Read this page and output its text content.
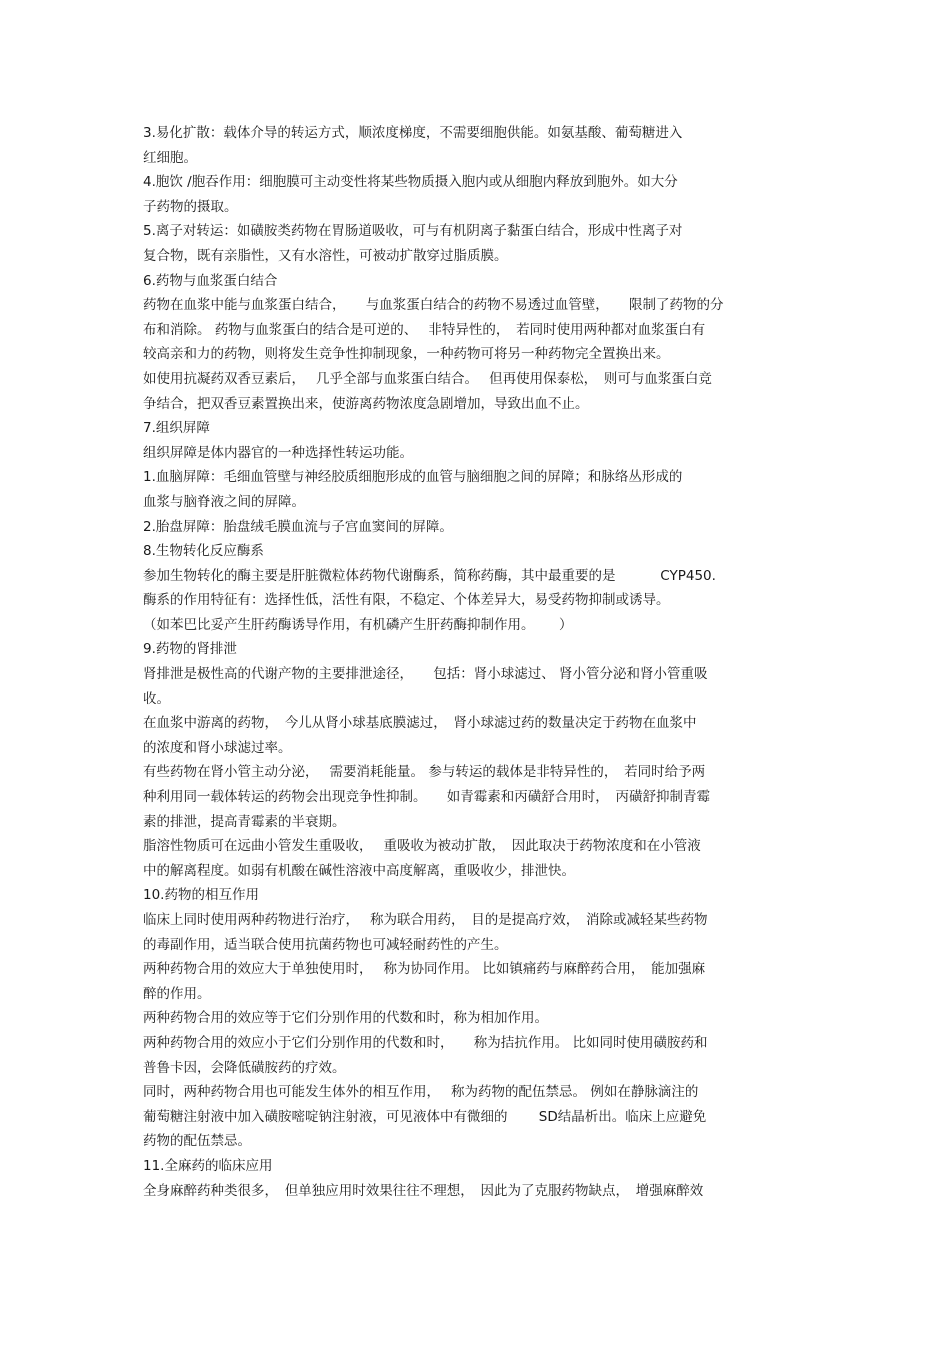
3.易化扩散：载体介导的转运方式，顺浓度梯度，不需要细胞供能。如氨基酸、葡萄糖进入
红细胞。
4.胞饮 /胞吞作用：细胞膜可主动变性将某些物质摄入胞内或从细胞内释放到胞外。如大分
子药物的摄取。
5.离子对转运：如磺胺类药物在胃肠道吸收，可与有机阴离子黏蛋白结合，形成中性离子对
复合物，既有亲脂性，又有水溶性，可被动扩散穿过脂质膜。
6.药物与血浆蛋白结合
药物在血浆中能与血浆蛋白结合，　　与血浆蛋白结合的药物不易透过血管壁，　　限制了药物的分
布和消除。 药物与血浆蛋白的结合是可逆的、　 非特异性的，　若同时使用两种都对血浆蛋白有
较高亲和力的药物，则将发生竞争性抑制现象，一种药物可将另一种药物完全置换出来。
如使用抗凝药双香豆素后，　 几乎全部与血浆蛋白结合。　 但再使用保泰松，　则可与血浆蛋白竞
争结合，把双香豆素置换出来，使游离药物浓度急剧增加，导致出血不止。
7.组织屏障
组织屏障是体内器官的一种选择性转运功能。
1.血脑屏障：毛细血管壁与神经胶质细胞形成的血管与脑细胞之间的屏障；和脉络丛形成的
血浆与脑脊液之间的屏障。
2.胎盘屏障：胎盘绒毛膜血流与子宫血窦间的屏障。
8.生物转化反应酶系
参加生物转化的酶主要是肝脏微粒体药物代谢酶系，简称药酶，其中最重要的是　　　 CYP450.
酶系的作用特征有：选择性低，活性有限，不稳定、个体差异大，易受药物抑制或诱导。
（如苯巴比妥产生肝药酶诱导作用，有机磷产生肝药酶抑制作用。　　 ）
9.药物的肾排泄
肾排泄是极性高的代谢产物的主要排泄途径，　　包括：肾小球滤过、 肾小管分泌和肾小管重吸
收。
在血浆中游离的药物，　今儿从肾小球基底膜滤过，　肾小球滤过药的数量决定于药物在血浆中
的浓度和肾小球滤过率。
有些药物在肾小管主动分泌，　 需要消耗能量。 参与转运的载体是非特异性的，　若同时给予两
种利用同一载体转运的药物会出现竞争性抑制。　　如青霉素和丙磺舒合用时，　丙磺舒抑制青霉
素的排泄，提高青霉素的半衰期。
脂溶性物质可在远曲小管发生重吸收，　 重吸收为被动扩散，　因此取决于药物浓度和在小管液
中的解离程度。如弱有机酸在碱性溶液中高度解离，重吸收少，排泄快。
10.药物的相互作用
临床上同时使用两种药物进行治疗，　 称为联合用药，　目的是提高疗效，　消除或减轻某些药物
的毒副作用，适当联合使用抗菌药物也可减轻耐药性的产生。
两种药物合用的效应大于单独使用时，　 称为协同作用。 比如镇痛药与麻醉药合用，　能加强麻
醉的作用。
两种药物合用的效应等于它们分别作用的代数和时，称为相加作用。
两种药物合用的效应小于它们分别作用的代数和时，　　称为拮抗作用。 比如同时使用磺胺药和
普鲁卡因，会降低磺胺药的疗效。
同时，两种药物合用也可能发生体外的相互作用，　 称为药物的配伍禁忌。 例如在静脉滴注的
葡萄糖注射液中加入磺胺嘧啶钠注射液，可见液体中有微细的　　 SD结晶析出。临床上应避免
药物的配伍禁忌。
11.全麻药的临床应用
全身麻醉药种类很多，　但单独应用时效果往往不理想，　因此为了克服药物缺点，　增强麻醉效
